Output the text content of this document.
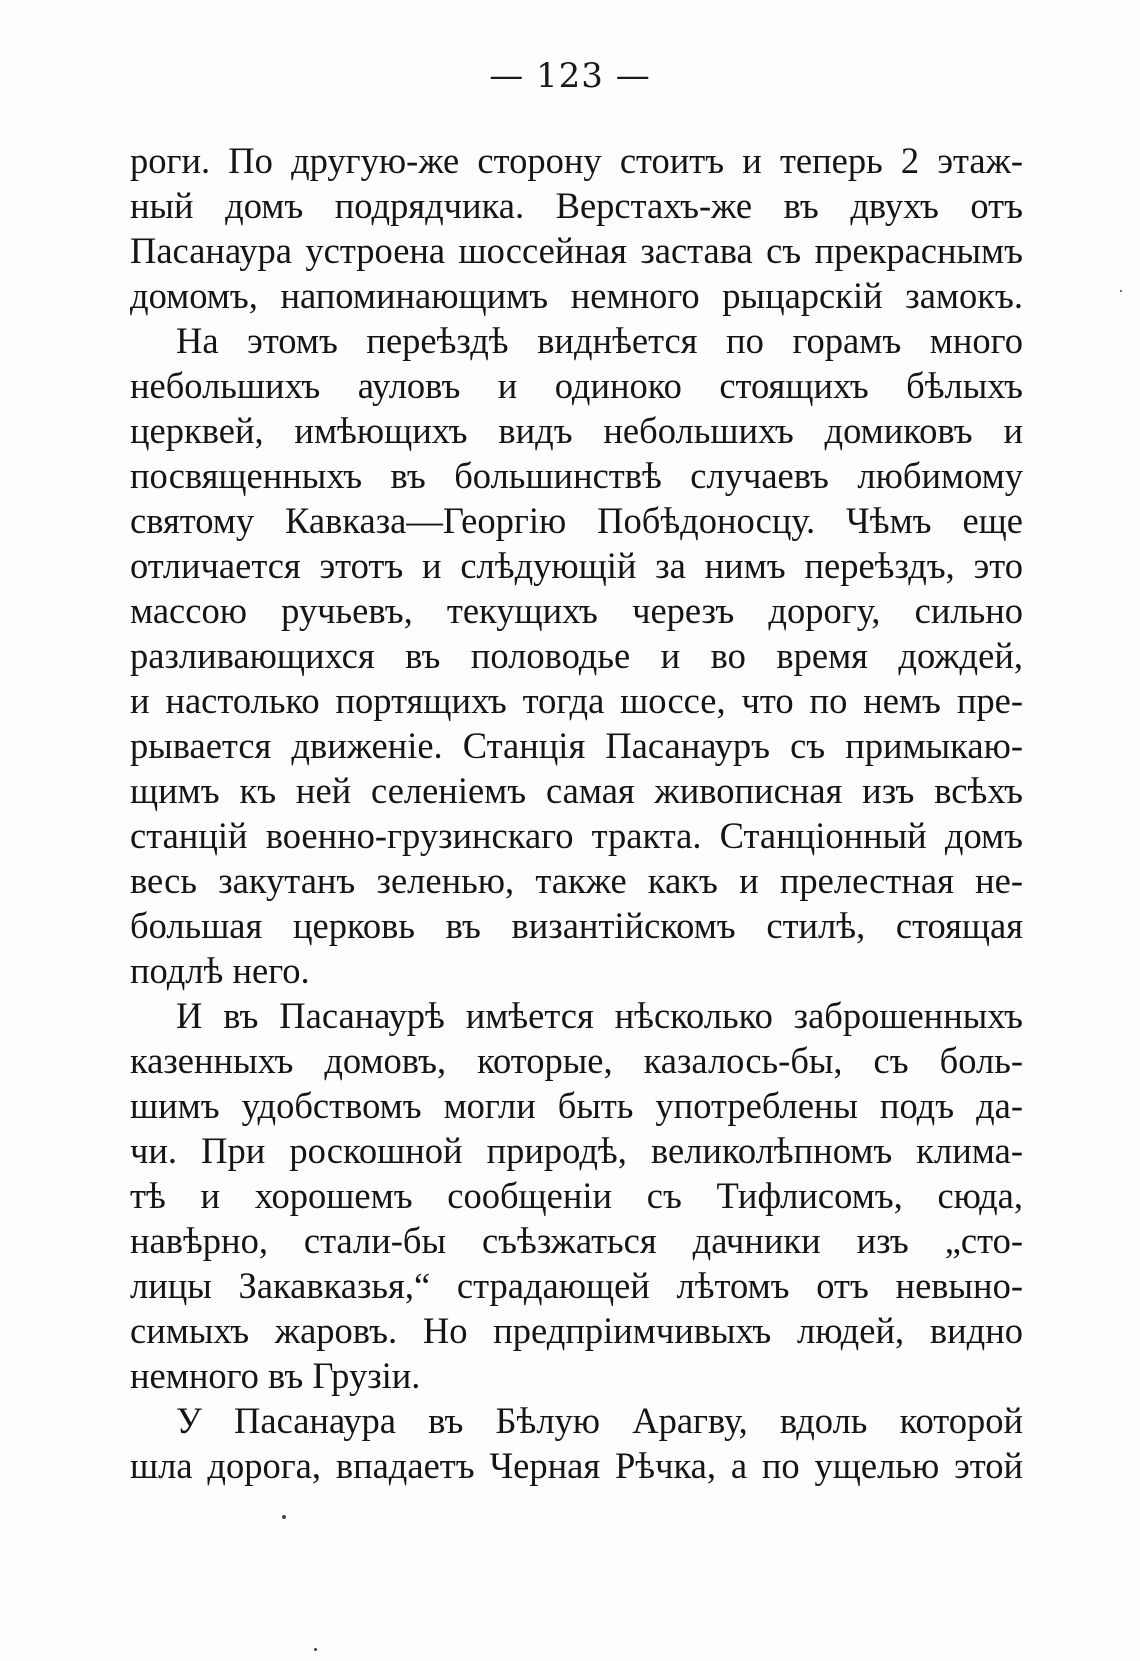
— 123 —
роги. По другую-же сторону стоитъ и теперь 2 этаж-
ный домъ подрядчика. Верстахъ-же въ двухъ отъ
Пасанаура устроена шоссейная застава съ прекраснымъ
домомъ, напоминающимъ немного рыцарскій замокъ.
На этомъ переѣздѣ виднѣется по горамъ много
небольшихъ ауловъ и одиноко стоящихъ бѣлыхъ
церквей, имѣющихъ видъ небольшихъ домиковъ и
посвященныхъ въ большинствѣ случаевъ любимому
святому Кавказа—Георгію Побѣдоносцу. Чѣмъ еще
отличается этотъ и слѣдующій за нимъ переѣздъ, это
массою ручьевъ, текущихъ черезъ дорогу, сильно
разливающихся въ половодье и во время дождей,
и настолько портящихъ тогда шоссе, что по немъ пре-
рывается движеніе. Станція Пасанауръ съ примыкаю-
щимъ къ ней селеніемъ самая живописная изъ всѣхъ
станцій военно-грузинскаго тракта. Станціонный домъ
весь закутанъ зеленью, также какъ и прелестная не-
большая церковь въ византійскомъ стилѣ, стоящая
подлѣ него.
И въ Пасанаурѣ имѣется нѣсколько заброшенныхъ
казенныхъ домовъ, которые, казалось-бы, съ боль-
шимъ удобствомъ могли быть употреблены подъ да-
чи. При роскошной природѣ, великолѣпномъ клима-
тѣ и хорошемъ сообщеніи съ Тифлисомъ, сюда,
навѣрно, стали-бы съѣзжаться дачники изъ „сто-
лицы Закавказья,“ страдающей лѣтомъ отъ невыно-
симыхъ жаровъ. Но предпріимчивыхъ людей, видно
немного въ Грузіи.
У Пасанаура въ Бѣлую Арагву, вдоль которой
шла дорога, впадаетъ Черная Рѣчка, а по ущелью этой
